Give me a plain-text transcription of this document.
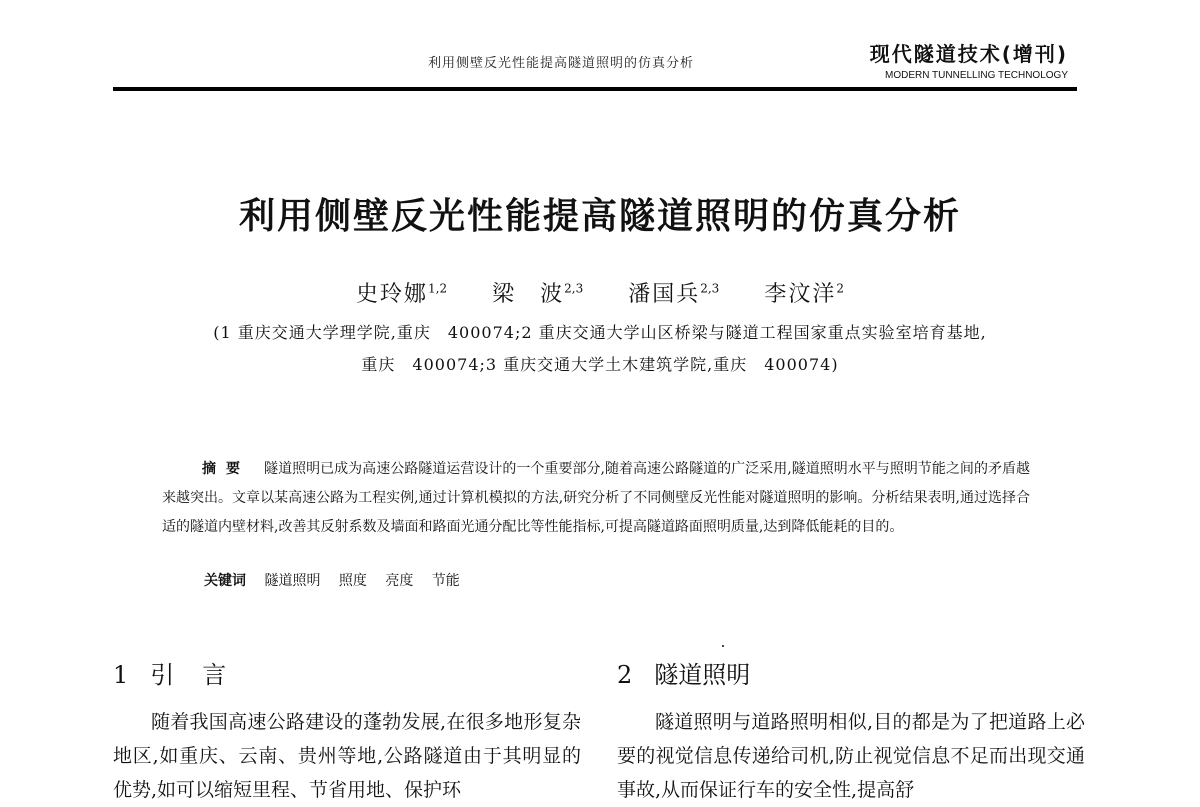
利用侧壁反光性能提高隧道照明的仿真分析	现代隧道技术(增刊)
MODERN TUNNELLING TECHNOLOGY
利用侧壁反光性能提高隧道照明的仿真分析
史玲娜$^{1,2}$ 梁　波$^{2,3}$ 潘国兵$^{2,3}$ 李汶洋$^2$
(1 重庆交通大学理学院,重庆　400074;2 重庆交通大学山区桥梁与隧道工程国家重点实验室培育基地,
重庆　400074;3 重庆交通大学土木建筑学院,重庆　400074)
摘要 隧道照明已成为高速公路隧道运营设计的一个重要部分,随着高速公路隧道的广泛采用,隧道照明水平与照明节能之间的矛盾越来越突出。文章以某高速公路为工程实例,通过计算机模拟的方法,研究分析了不同侧壁反光性能对隧道照明的影响。分析结果表明,通过选择合适的隧道内壁材料,改善其反射系数及墙面和路面光通分配比等性能指标,可提高隧道路面照明质量,达到降低能耗的目的。
关键词 隧道照明 照度 亮度 节能
1 引言	2 隧道照明

随着我国高速公路建设的蓬勃发展,在很多地形复杂地区,如重庆、云南、贵州等地,公路隧道由于其明显的优势,如可以缩短里程、节省用地、保护环

隧道照明与道路照明相似,目的都是为了把道路上必要的视觉信息传递给司机,防止视觉信息不足而出现交通事故,从而保证行车的安全性,提高舒
